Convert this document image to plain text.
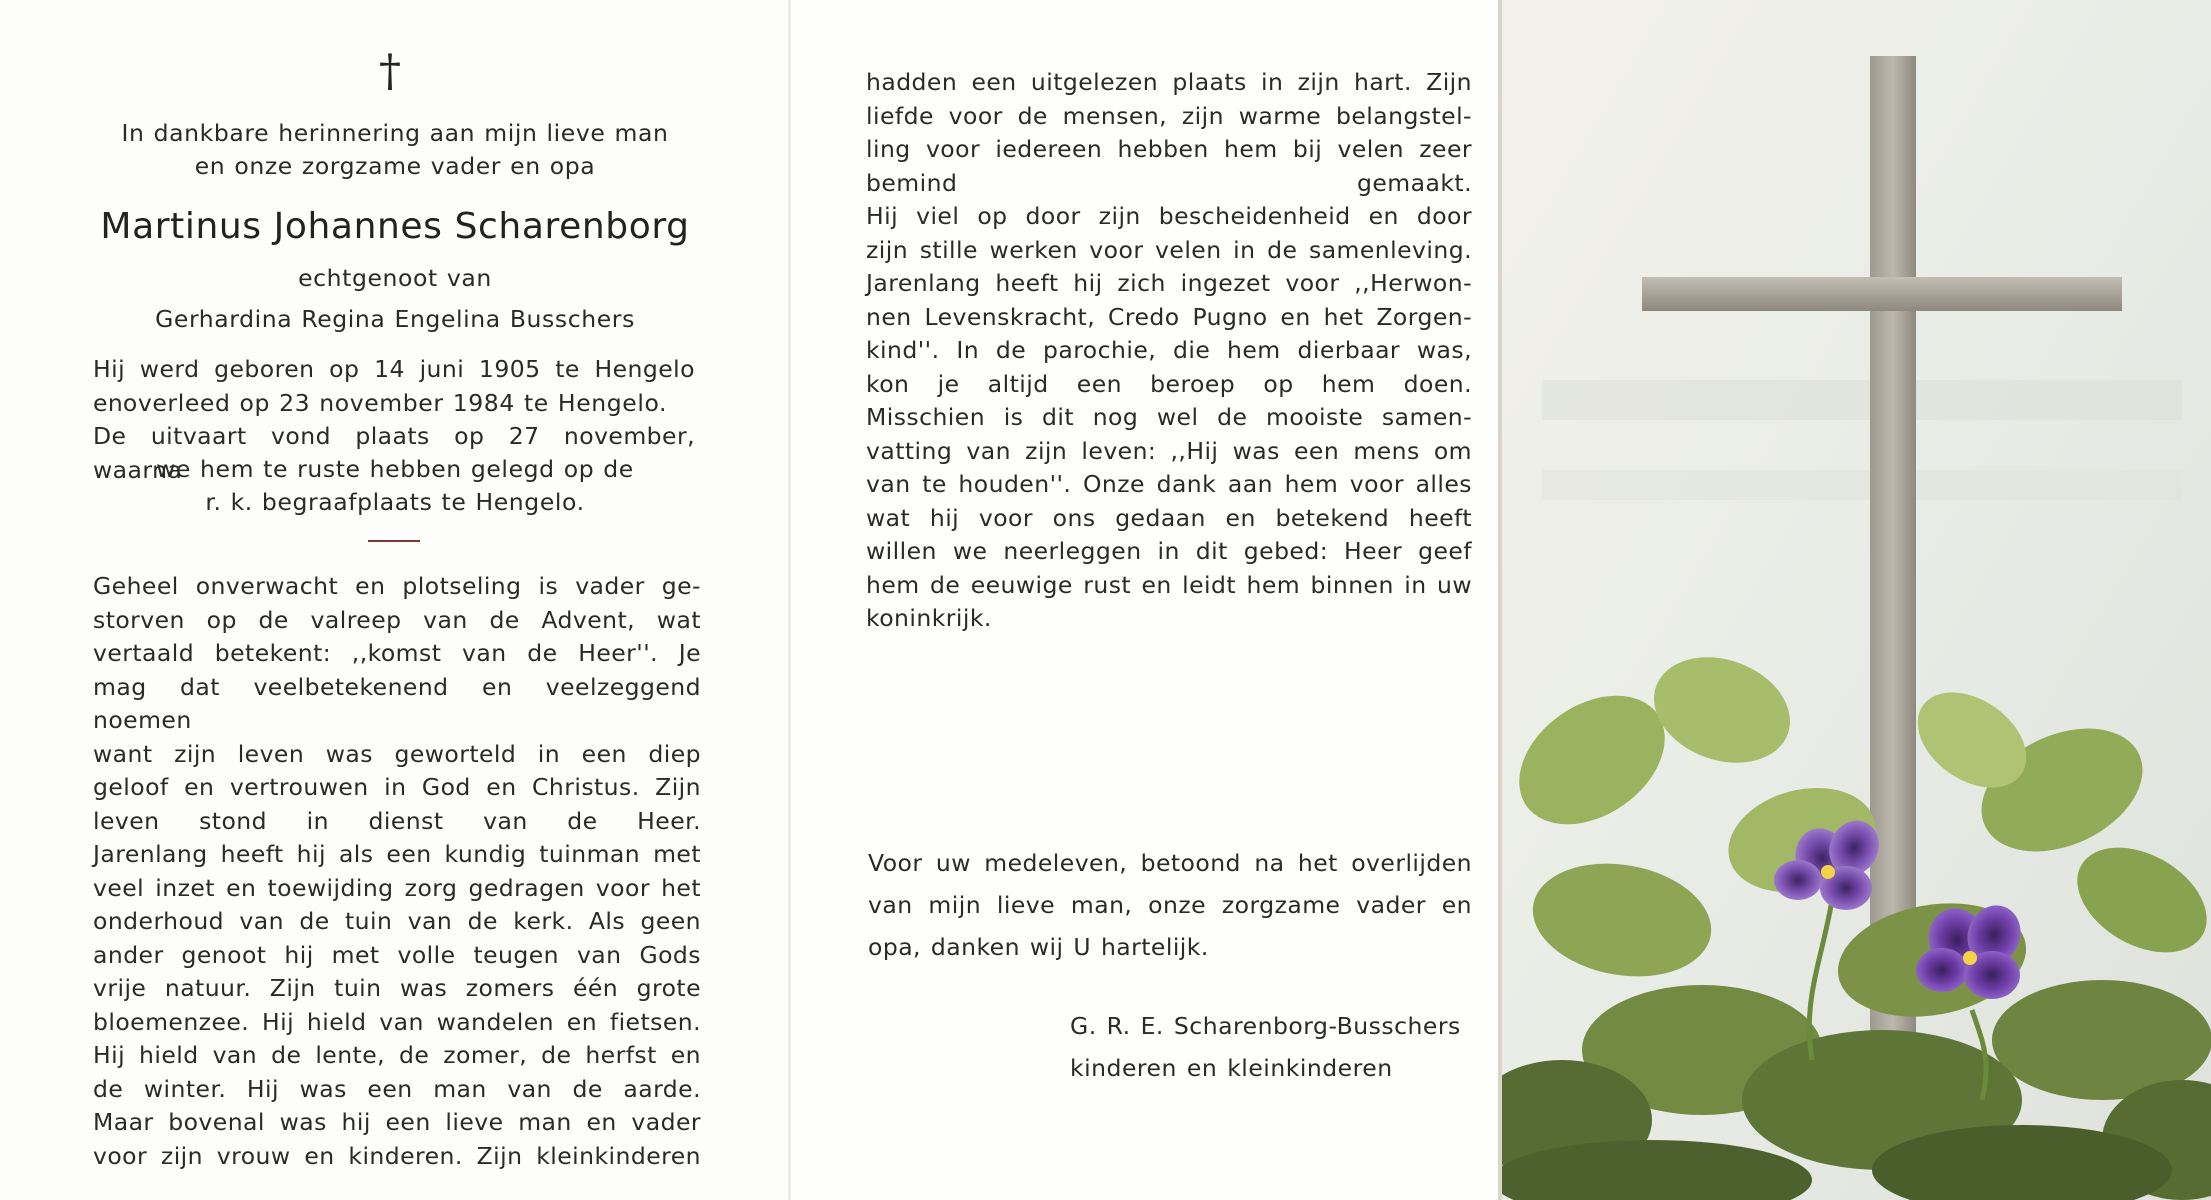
†
In dankbare herinnering aan mijn lieve man
en onze zorgzame vader en opa
Martinus Johannes Scharenborg
echtgenoot van
Gerhardina Regina Engelina Busschers
Hij werd geboren op 14 juni 1905 te Hengelo en overleed op 23 november 1984 te Hengelo.
De uitvaart vond plaats op 27 november, waarna
we hem te ruste hebben gelegd op de
r. k. begraafplaats te Hengelo.
Geheel onverwacht en plotseling is vader ge-
storven op de valreep van de Advent, wat
vertaald betekent: ,,komst van de Heer''. Je
mag dat veelbetekenend en veelzeggend noemen
want zijn leven was geworteld in een diep
geloof en vertrouwen in God en Christus. Zijn
leven stond in dienst van de Heer.
Jarenlang heeft hij als een kundig tuinman met
veel inzet en toewijding zorg gedragen voor het
onderhoud van de tuin van de kerk. Als geen
ander genoot hij met volle teugen van Gods
vrije natuur. Zijn tuin was zomers één grote
bloemenzee. Hij hield van wandelen en fietsen.
Hij hield van de lente, de zomer, de herfst en
de winter. Hij was een man van de aarde.
Maar bovenal was hij een lieve man en vader
voor zijn vrouw en kinderen. Zijn kleinkinderen
hadden een uitgelezen plaats in zijn hart. Zijn
liefde voor de mensen, zijn warme belangstel-
ling voor iedereen hebben hem bij velen zeer
bemind gemaakt.
Hij viel op door zijn bescheidenheid en door
zijn stille werken voor velen in de samenleving.
Jarenlang heeft hij zich ingezet voor ,,Herwon-
nen Levenskracht, Credo Pugno en het Zorgen-
kind''. In de parochie, die hem dierbaar was,
kon je altijd een beroep op hem doen.
Misschien is dit nog wel de mooiste samen-
vatting van zijn leven: ,,Hij was een mens om
van te houden''. Onze dank aan hem voor alles
wat hij voor ons gedaan en betekend heeft
willen we neerleggen in dit gebed: Heer geef
hem de eeuwige rust en leidt hem binnen in uw
koninkrijk.
Voor uw medeleven, betoond na het overlijden
van mijn lieve man, onze zorgzame vader en
opa, danken wij U hartelijk.
G. R. E. Scharenborg-Busschers
kinderen en kleinkinderen
